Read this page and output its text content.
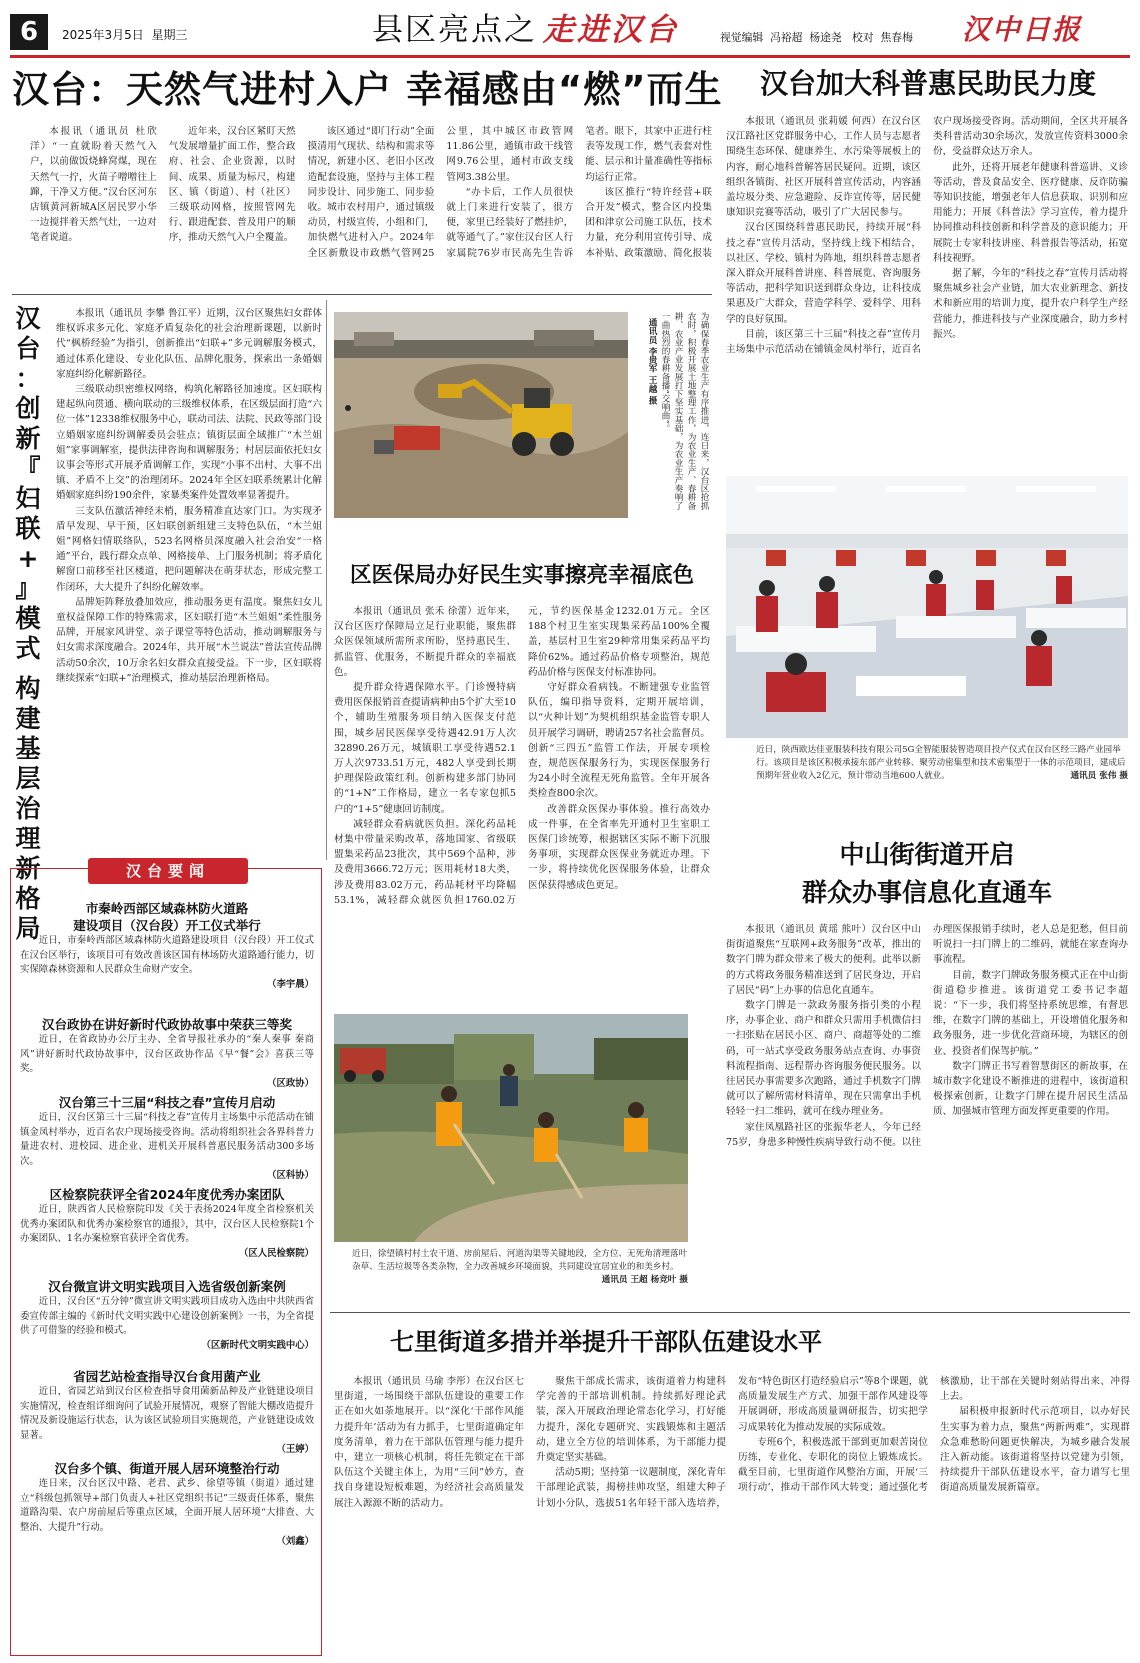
6	2025年3月5日 星期三	县区亮点之 走进汉台	视觉编辑 冯裕超 杨途尧 校对 焦春梅 汉中日报
汉台：天然气进村入户 幸福感由“燃”而生

本报讯（通讯员 杜欣洋）“一直就盼着天然气入户，以前做饭烧蜂窝煤，现在天然气一拧，火苗子噌噌往上蹿，干净又方便。”汉台区河东店镇黄河新城A区居民罗小华一边搅拌着天然气灶，一边对笔者说道。

近年来，汉台区紧盯天然气发展增量扩面工作，整合政府、社会、企业资源，以时间、成果、质量为标尺，构建区、镇（街道）、村（社区）三级联动网格，按照管网先行、跟进配套、普及用户的顺序，推动天然气入户全覆盖。

该区通过“即门行动”全面摸清用气现状、结构和需求等情况，新建小区、老旧小区改造配套设施，坚持与主体工程同步设计、同步施工、同步验收。城市农村用户，通过镇级动员，村级宣传，小组和门，加快燃气进村入户。2024年全区新敷设市政燃气管网25公里，其中城区市政管网11.86公里，通镇市政干线管网9.76公里，通村市政支线管网3.38公里。

“办卡后，工作人员很快就上门来进行安装了，很方便，家里已经装好了燃挂炉，就等通气了。”家住汉台区人行家属院76岁市民高先生告诉笔者。眼下，其家中正进行柱表等发现工作，燃气表套对性能、层示和计量准确性等指标均运行正常。

该区推行“特许经营+联合开发”模式，整合区内投集团和津京公司施工队伍，技术力量，充分利用宣传引导、成本补贴、政策激励、简化报装

汉台加大科普惠民助民力度

本报讯（通讯员 张莉媛 何西）在汉台区汉江路社区党群服务中心，工作人员与志愿者围绕生态环保、健康养生、水污染等展板上的内容，耐心地科普解答居民疑问。近期，该区组织各镇街、社区开展科普宣传活动，内容涵盖垃圾分类、应急避险、反诈宣传等，居民健康知识竞赛等活动，吸引了广大居民参与。

汉台区围绕科普惠民助民，持续开展“科技之春”宣传月活动，坚持线上线下相结合，以社区、学校、镇村为阵地，组织科普志愿者深入群众开展科普讲座、科普展览、咨询服务等活动，把科学知识送到群众身边，让科技成果惠及广大群众，营造学科学、爱科学、用科学的良好氛围。

目前，该区第三十三届“科技之春”宣传月主场集中示范活动在铺镇金凤村举行，近百名农户现场接受咨询。活动期间，全区共开展各类科普活动30余场次，发放宣传资料3000余份，受益群众达万余人。

此外，还将开展老年健康科普巡讲、义诊等活动，普及食品安全、医疗健康、反诈防骗等知识技能，增强老年人信息获取、识别和应用能力；开展《科普法》学习宣传，着力提升协同推动科技创新和科学普及的意识能力；开展院士专家科技讲座、科普报告等活动，拓宽科技视野。

据了解，今年的“科技之春”宣传月活动将聚焦城乡社会产业链，加大农业新理念、新技术和新应用的培训力度，提升农户科学生产经营能力，推进科技与产业深度融合，助力乡村振兴。

为确保春季农业生产有序推进，连日来，汉台区抢抓农时，积极开展土地整理工作，为农业生产、春耕备耕、农业产业发展打下坚实基础，为农业生产奏响了一曲热烈的春耕备播“交响曲”。 通讯员 李贵军 王越 摄
汉
台
：
创
新
『
妇
联
+
』
模
式
构
建
基
层
治
理
新
格
局

本报讯（通讯员 李攀 鲁江平）近期，汉台区聚焦妇女群体维权诉求多元化、家庭矛盾复杂化的社会治理新课题，以新时代“枫桥经验”为指引，创新推出“妇联+”多元调解服务模式，通过体系化建设、专业化队伍、品牌化服务，探索出一条婚姻家庭纠纷化解新路径。

三级联动织密维权网络，构筑化解路径加速度。区妇联构建起纵向贯通、横向联动的三级维权体系，在区级层面打造“六位一体”12338维权服务中心，联动司法、法院、民政等部门设立婚姻家庭纠纷调解委员会驻点；镇街层面全域推广“木兰姐姐”家事调解室，提供法律咨询和调解服务；村居层面依托妇女议事会等形式开展矛盾调解工作，实现“小事不出村、大事不出镇、矛盾不上交”的治理闭环。2024年全区妇联系统累计化解婚姻家庭纠纷190余件，家暴类案件处置效率显著提升。

三支队伍激活神经末梢，服务精准直达家门口。为实现矛盾早发现、早干预，区妇联创新组建三支特色队伍，“木兰姐姐”网格妇情联络队，523名网格员深度融入社会治安“一格通”平台，践行群众点单、网格接单、上门服务机制；将矛盾化解窗口前移至社区楼道，把问题解决在萌芽状态，形成完整工作闭环，大大提升了纠纷化解效率。

品牌矩阵释放叠加效应，推动服务更有温度。聚焦妇女儿童权益保障工作的特殊需求，区妇联打造“木兰姐姐”柔性服务品牌，开展家风讲堂、亲子课堂等特色活动，推动调解服务与妇女需求深度融合。2024年，共开展“木兰说法”普法宣传品牌活动50余次，10万余名妇女群众直接受益。下一步，区妇联将继续探索“妇联+”治理模式，推动基层治理新格局。

区医保局办好民生实事擦亮幸福底色

本报讯（通讯员 张禾 徐蕾）近年来，汉台区医疗保障局立足行业职能，聚焦群众医保领域所需所求所盼，坚持惠民生、抓监管、优服务，不断提升群众的幸福底色。

提升群众待遇保障水平。门诊慢特病费用医保报销首查提请病种由5个扩大至10个，辅助生殖服务项目纳入医保支付范围，城乡居民医保享受待遇42.91万人次32890.26万元，城镇职工享受待遇52.1万人次9733.51万元，482人享受到长期护理保险政策红利。创新构建多部门协同的“1+N”工作格局，建立一名专家包抓5户的“1+5”健康回访制度。

减轻群众看病就医负担。深化药品耗材集中带量采购改革，落地国家、省级联盟集采药品23批次，其中569个品种，涉及费用3666.72万元；医用耗材18大类，涉及费用83.02万元，药品耗材平均降幅53.1%，减轻群众就医负担1760.02万元，节约医保基金1232.01万元。全区188个村卫生室实现集采药品100%全覆盖，基层村卫生室29种常用集采药品平均降价62%。通过药品价格专项整治，规范药品价格与医保支付标准协同。

守好群众看病钱。不断建强专业监管队伍，编印指导资料，定期开展培训，以“火种计划”为契机组织基金监管专职人员开展学习调研，聘请257名社会监督员。创新“三四五”监管工作法，开展专项检查，规范医保服务行为，实现医保服务行为24小时全流程无死角监管。全年开展各类检查800余次。

改善群众医保办事体验。推行高效办成一件事，在全省率先开通村卫生室职工医保门诊统筹，根据辖区实际不断下沉服务事项，实现群众医保业务就近办理。下一步，将持续优化医保服务体验，让群众医保获得感成色更足。

近日，陕西欧达佳亚服装科技有限公司5G全智能服装智造项目投产仪式在汉台区经三路产业园举行。该项目是该区积极承接东部产业转移、聚劳动密集型和技术密集型于一体的示范项目，建成后预期年营业收入2亿元，预计带动当地600人就业。	通讯员 张伟 摄
中山街街道开启
群众办事信息化直通车

本报讯（通讯员 黄瑶 熊叶）汉台区中山街街道聚焦“互联网+政务服务”改革，推出的数字门牌为群众带来了极大的便利。此举以新的方式将政务服务精准送到了居民身边，开启了居民“码”上办事的信息化直通车。

数字门牌是一款政务服务指引类的小程序，办事企业、商户和群众只需用手机微信扫一扫张贴在居民小区、商户、商超等处的二维码，可一站式享受政务服务站点查询、办事资料流程指南、远程帮办咨询服务便民服务。以往居民办事需要多次跑路，通过手机数字门牌就可以了解所需材料清单，现在只需拿出手机轻轻一扫二维码，就可在线办理业务。

家住凤凰路社区的张振华老人，今年已经75岁，身患多种慢性疾病导致行动不便。以往办理医保报销手续时，老人总是犯愁，但目前听说扫一扫门牌上的二维码，就能在家查询办事流程。

目前，数字门牌政务服务模式正在中山街街道稳步推进。该街道党工委书记李超说：“下一步，我们将坚持系统思维，有督思维，在数字门牌的基础上，开设增值化服务和政务服务，进一步优化营商环境，为辖区的创业、投资者们保驾护航。”

数字门牌正书写着智慧街区的新故事，在城市数字化建设不断推进的进程中，该街道积极探索创新，让数字门牌在提升居民生活品质、加强城市管理方面发挥更重要的作用。

近日，徐望镇村村土农干道、房前屋后、河道沟渠等关键地段，全方位、无死角清理落叶杂草、生活垃圾等各类杂物，全力改善城乡环境面貌，共同建设宜居宜业的和美乡村。
通讯员 王超 杨竞叶 摄
七里街道多措并举提升干部队伍建设水平

本报讯（通讯员 马瑜 李彤）在汉台区七里街道，一场围绕干部队伍建设的重要工作正在如火如荼地展开。以“深化‘干部作风能力提升年’活动为有力抓手，七里街道确定年度务清单，着力在干部队伍管理与能力提升中，建立一项核心机制，将任先锁定在干部队伍这个关键主体上，为用“三问”妙方，查找自身建设短板难题，为经济社会高质量发展注入源源不断的活动力。

聚焦干部成长需求，该街道着力构建科学完善的干部培训机制。持续抓好理论武装，深入开展政治理论常态化学习，打好能力提升，深化专题研究、实践锻炼和主题活动，建立全方位的培训体系，为干部能力提升奠定坚实基础。

活动5期；坚持第一议题制度，深化青年干部理论武装，揭榜挂帅攻坚，组建大种子计划小分队，选拔51名年轻干部入选培养，发布“特色街区打造经验启示”等8个课题，就高质量发展生产方式、加强干部作风建设等开展调研，形成高质量调研报告，切实把学习成果转化为推动发展的实际成效。

专班6个，积极选派干部到更加艰苦岗位历练，专业化、专职化的岗位上锻炼成长。截至目前，七里街道作风整治方面，开展‘三项行动’，推动干部作风大转变；通过强化考核激励，让干部在关键时刻站得出来、冲得上去。

届积极申报新时代示范项目，以办好民生实事为着力点，聚焦“两新两难”，实现群众急难愁盼问题更快解决，为城乡融合发展注入新动能。该街道将坚持以党建为引领，持续提升干部队伍建设水平，奋力谱写七里街道高质量发展新篇章。

汉台要闻
市秦岭西部区域森林防火道路
建设项目（汉台段）开工仪式举行

近日，市秦岭西部区域森林防火道路建设项目（汉台段）开工仪式在汉台区举行，该项目可有效改善该区国有林场防火道路通行能力，切实保障森林资源和人民群众生命财产安全。

（李宇晨）
汉台政协在讲好新时代政协故事中荣获三等奖

近日，在省政协办公厅主办、全省导报社承办的“秦人秦事 秦商风”讲好新时代政协故事中，汉台区政协作品《早“餐”会》喜获三等奖。

（区政协）
汉台第三十三届“科技之春”宣传月启动

近日，汉台区第三十三届“科技之春”宣传月主场集中示范活动在铺镇金凤村举办，近百名农户现场接受咨询。活动将组织社会各界科普力量进农村、进校园、进企业、进机关开展科普惠民服务活动300多场次。

（区科协）
区检察院获评全省2024年度优秀办案团队

近日，陕西省人民检察院印发《关于表扬2024年度全省检察机关优秀办案团队和优秀办案检察官的通报》，其中，汉台区人民检察院1个办案团队、1名办案检察官获评全省优秀。

（区人民检察院）
汉台微宣讲文明实践项目入选省级创新案例

近日，汉台区“五分钟”微宣讲文明实践项目成功入选由中共陕西省委宣传部主编的《新时代文明实践中心建设创新案例》一书，为全省提供了可借鉴的经验和模式。

（区新时代文明实践中心）
省园艺站检查指导汉台食用菌产业

近日，省园艺站到汉台区检查指导食用菌新品种及产业链建设项目实施情况，检查组详细询问了试验开展情况，观察了智能大棚改造提升情况及新设施运行状态，认为该区试验项目实施规范，产业链建设成效显著。

（王婷）
汉台多个镇、街道开展人居环境整治行动

连日来，汉台区汉中路、老君、武乡、徐望等镇（街道）通过建立“科级包抓领导+部门负责人+社区党组织书记”三级责任体系，聚焦道路沟渠、农户房前屋后等重点区域，全面开展人居环境“大排查、大整治、大提升”行动。

（刘鑫）
